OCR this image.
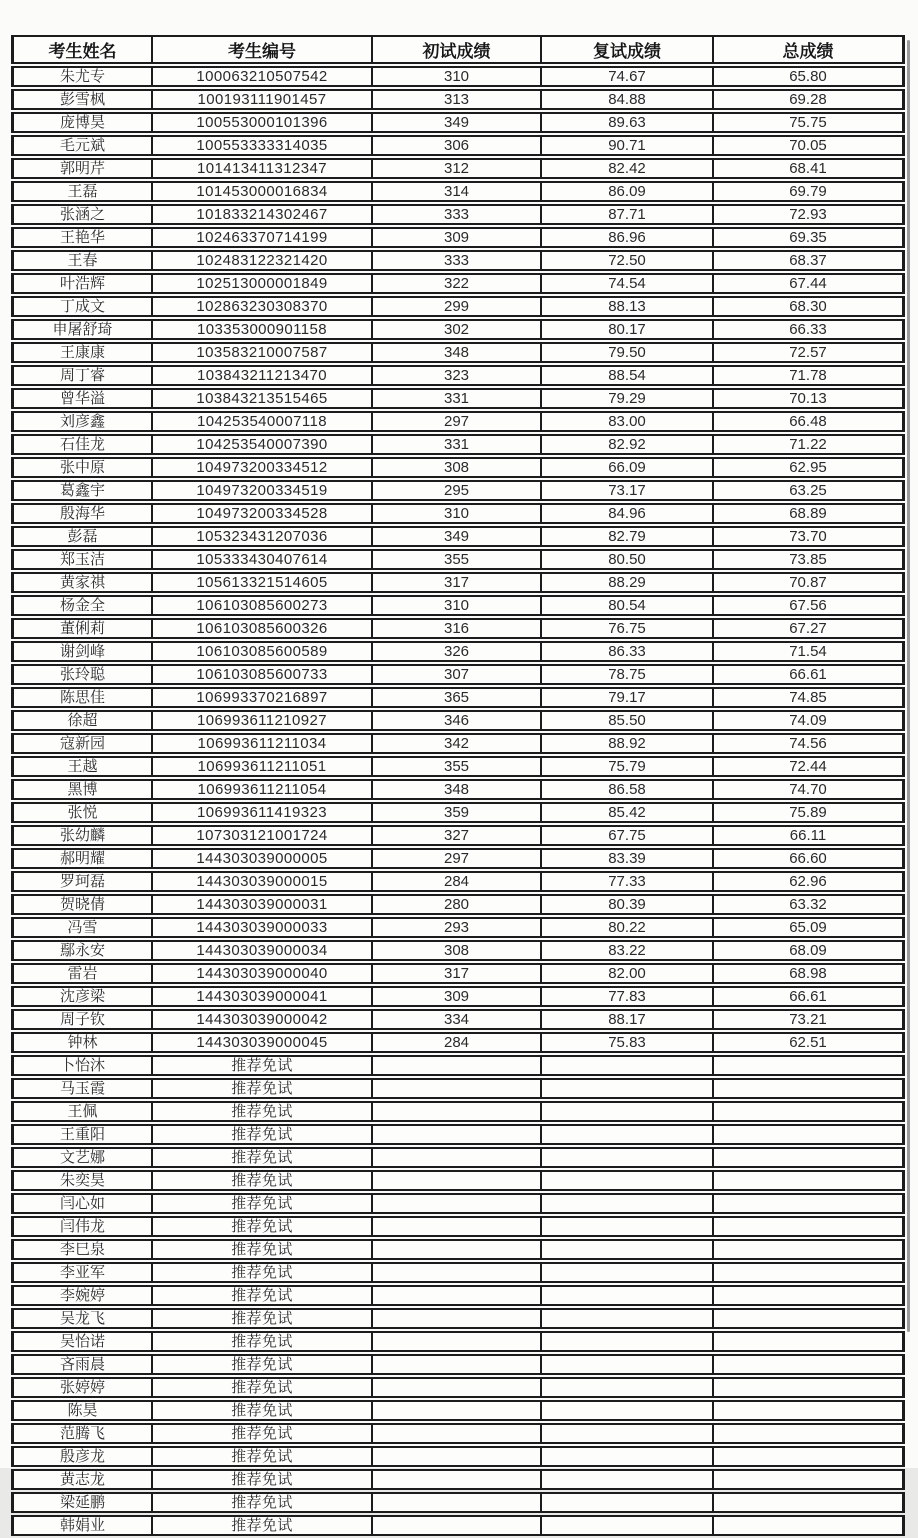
考生姓名	考生编号	初试成绩	复试成绩	总成绩
朱尤专	100063210507542	310	74.67	65.80
彭雪枫	100193111901457	313	84.88	69.28
庞博昊	100553000101396	349	89.63	75.75
毛元斌	100553333314035	306	90.71	70.05
郭明芹	101413411312347	312	82.42	68.41
王磊	101453000016834	314	86.09	69.79
张涵之	101833214302467	333	87.71	72.93
王艳华	102463370714199	309	86.96	69.35
王春	102483122321420	333	72.50	68.37
叶浩辉	102513000001849	322	74.54	67.44
丁成文	102863230308370	299	88.13	68.30
申屠舒琦	103353000901158	302	80.17	66.33
王康康	103583210007587	348	79.50	72.57
周丁睿	103843211213470	323	88.54	71.78
曾华溢	103843213515465	331	79.29	70.13
刘彦鑫	104253540007118	297	83.00	66.48
石佳龙	104253540007390	331	82.92	71.22
张中原	104973200334512	308	66.09	62.95
葛鑫宇	104973200334519	295	73.17	63.25
殷海华	104973200334528	310	84.96	68.89
彭磊	105323431207036	349	82.79	73.70
郑玉洁	105333430407614	355	80.50	73.85
黄家祺	105613321514605	317	88.29	70.87
杨金全	106103085600273	310	80.54	67.56
董俐莉	106103085600326	316	76.75	67.27
谢剑峰	106103085600589	326	86.33	71.54
张玲聪	106103085600733	307	78.75	66.61
陈思佳	106993370216897	365	79.17	74.85
徐超	106993611210927	346	85.50	74.09
寇新园	106993611211034	342	88.92	74.56
王越	106993611211051	355	75.79	72.44
黑博	106993611211054	348	86.58	74.70
张悦	106993611419323	359	85.42	75.89
张幼麟	107303121001724	327	67.75	66.11
郝明耀	144303039000005	297	83.39	66.60
罗珂磊	144303039000015	284	77.33	62.96
贺晓倩	144303039000031	280	80.39	63.32
冯雪	144303039000033	293	80.22	65.09
鄢永安	144303039000034	308	83.22	68.09
雷岩	144303039000040	317	82.00	68.98
沈彦梁	144303039000041	309	77.83	66.61
周子钦	144303039000042	334	88.17	73.21
钟林	144303039000045	284	75.83	62.51
卜怡沐	推荐免试			
马玉霞	推荐免试			
王佩	推荐免试			
王重阳	推荐免试			
文艺娜	推荐免试			
朱奕昊	推荐免试			
闫心如	推荐免试			
闫伟龙	推荐免试			
李巳泉	推荐免试			
李亚军	推荐免试			
李婉婷	推荐免试			
吴龙飞	推荐免试			
吴怡诺	推荐免试			
吝雨晨	推荐免试			
张婷婷	推荐免试			
陈昊	推荐免试			
范腾飞	推荐免试			
殷彦龙	推荐免试			
黄志龙	推荐免试			
梁延鹏	推荐免试			
韩娟业	推荐免试			
